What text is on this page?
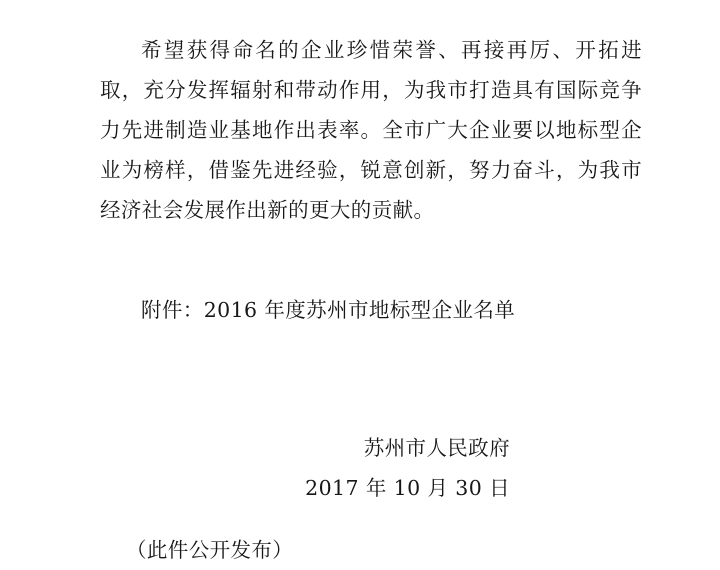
希望获得命名的企业珍惜荣誉、再接再厉、开拓进取，充分发挥辐射和带动作用，为我市打造具有国际竞争力先进制造业基地作出表率。全市广大企业要以地标型企业为榜样，借鉴先进经验，锐意创新，努力奋斗，为我市经济社会发展作出新的更大的贡献。

附件：2016 年度苏州市地标型企业名单

苏州市人民政府
2017 年 10 月 30 日
（此件公开发布）
